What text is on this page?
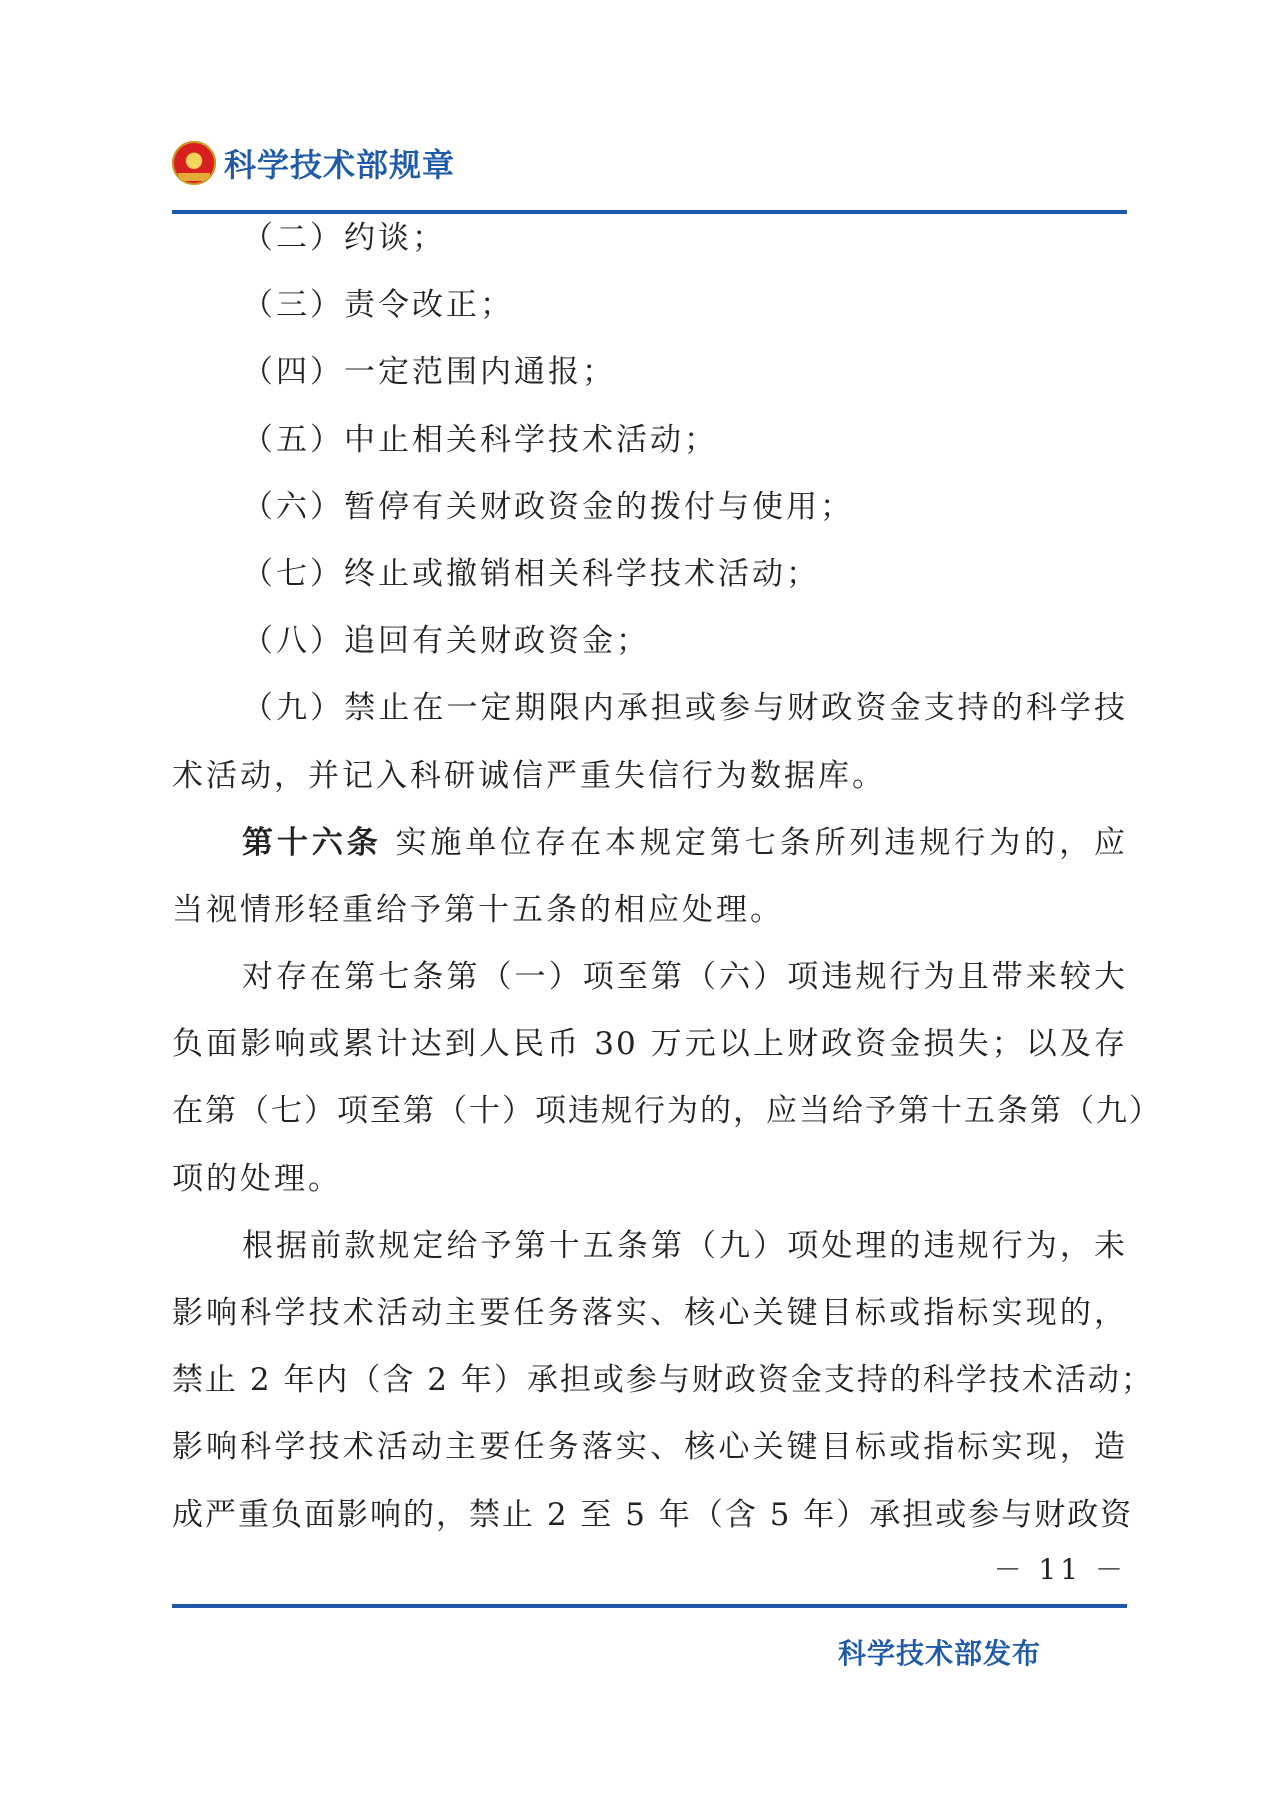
科学技术部规章
（二）约谈；
（三）责令改正；
（四）一定范围内通报；
（五）中止相关科学技术活动；
（六）暂停有关财政资金的拨付与使用；
（七）终止或撤销相关科学技术活动；
（八）追回有关财政资金；
（九）禁止在一定期限内承担或参与财政资金支持的科学技
术活动，并记入科研诚信严重失信行为数据库。
第十六条 实施单位存在本规定第七条所列违规行为的，应
当视情形轻重给予第十五条的相应处理。
对存在第七条第（一）项至第（六）项违规行为且带来较大
负面影响或累计达到人民币 30 万元以上财政资金损失；以及存
在第（七）项至第（十）项违规行为的，应当给予第十五条第（九）
项的处理。
根据前款规定给予第十五条第（九）项处理的违规行为，未
影响科学技术活动主要任务落实、核心关键目标或指标实现的，
禁止 2 年内（含 2 年）承担或参与财政资金支持的科学技术活动；
影响科学技术活动主要任务落实、核心关键目标或指标实现，造
成严重负面影响的，禁止 2 至 5 年（含 5 年）承担或参与财政资
－ 11 －
科学技术部发布
